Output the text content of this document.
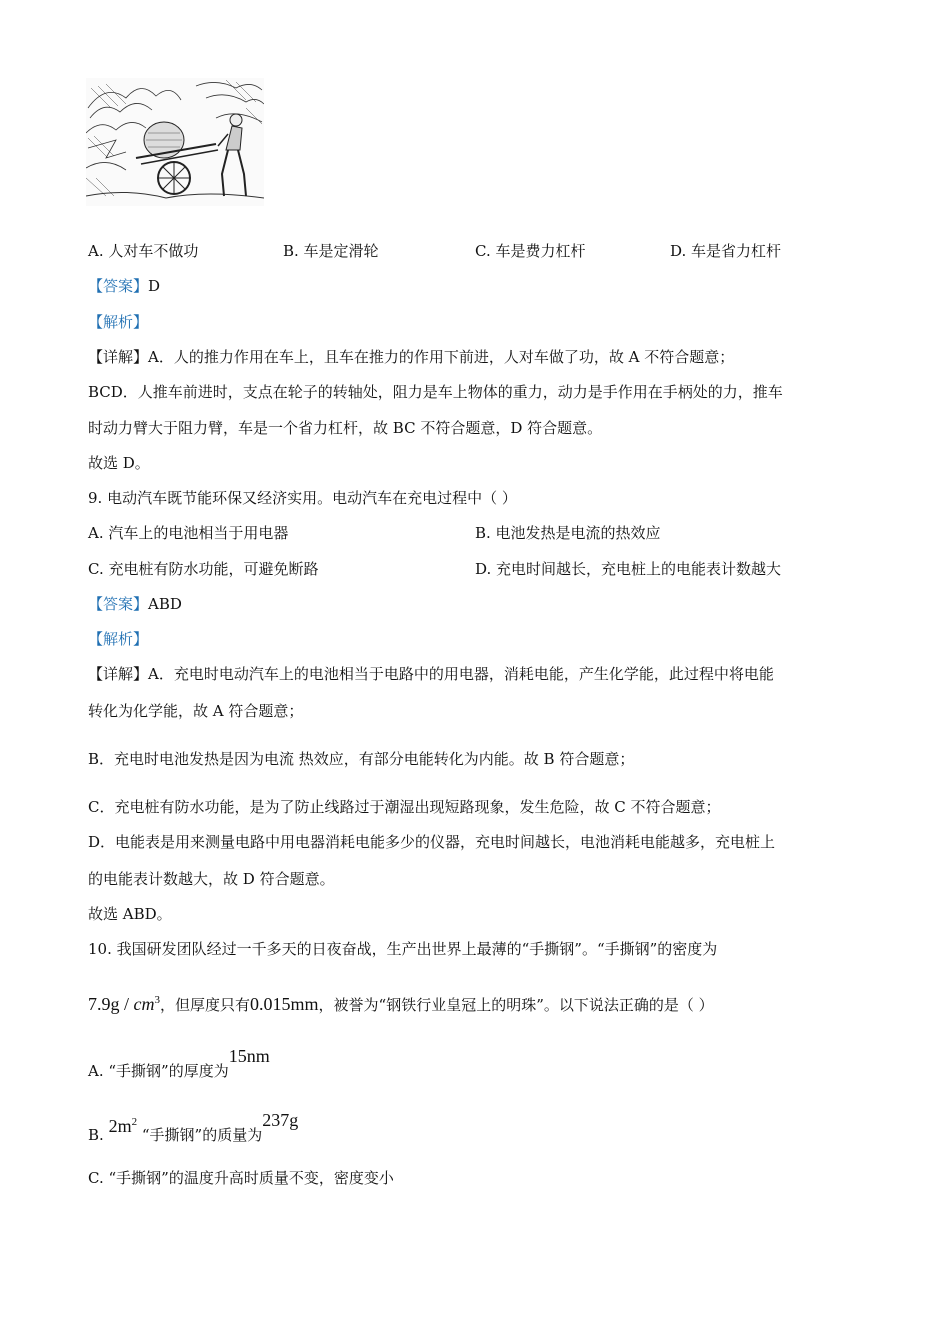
A. 人对车不做功	B. 车是定滑轮	C. 车是费力杠杆	D. 车是省力杠杆
【答案】D
【解析】
【详解】A．人的推力作用在车上，且车在推力的作用下前进，人对车做了功，故 A 不符合题意；
BCD．人推车前进时，支点在轮子的转轴处，阻力是车上物体的重力，动力是手作用在手柄处的力，推车
时动力臂大于阻力臂，车是一个省力杠杆，故 BC 不符合题意，D 符合题意。
故选 D。
9. 电动汽车既节能环保又经济实用。电动汽车在充电过程中（ ）
A. 汽车上的电池相当于用电器	B. 电池发热是电流的热效应
C. 充电桩有防水功能，可避免断路	D. 充电时间越长，充电桩上的电能表计数越大
【答案】ABD
【解析】
【详解】A．充电时电动汽车上的电池相当于电路中的用电器，消耗电能，产生化学能，此过程中将电能
转化为化学能，故 A 符合题意；
B．充电时电池发热是因为电流 热效应，有部分电能转化为内能。故 B 符合题意；
C．充电桩有防水功能，是为了防止线路过于潮湿出现短路现象，发生危险，故 C 不符合题意；
D．电能表是用来测量电路中用电器消耗电能多少的仪器，充电时间越长，电池消耗电能越多，充电桩上
的电能表计数越大，故 D 符合题意。
故选 ABD。
10. 我国研发团队经过一千多天的日夜奋战，生产出世界上最薄的“手撕钢”。“手撕钢”的密度为
$7.9g / cm^3$，但厚度只有0.015mm，被誉为“钢铁行业皇冠上的明珠”。以下说法正确的是（ ）
A. “手撕钢”的厚度为15nm
B. $2m^2$ “手撕钢”的质量为237g
C. “手撕钢”的温度升高时质量不变，密度变小
